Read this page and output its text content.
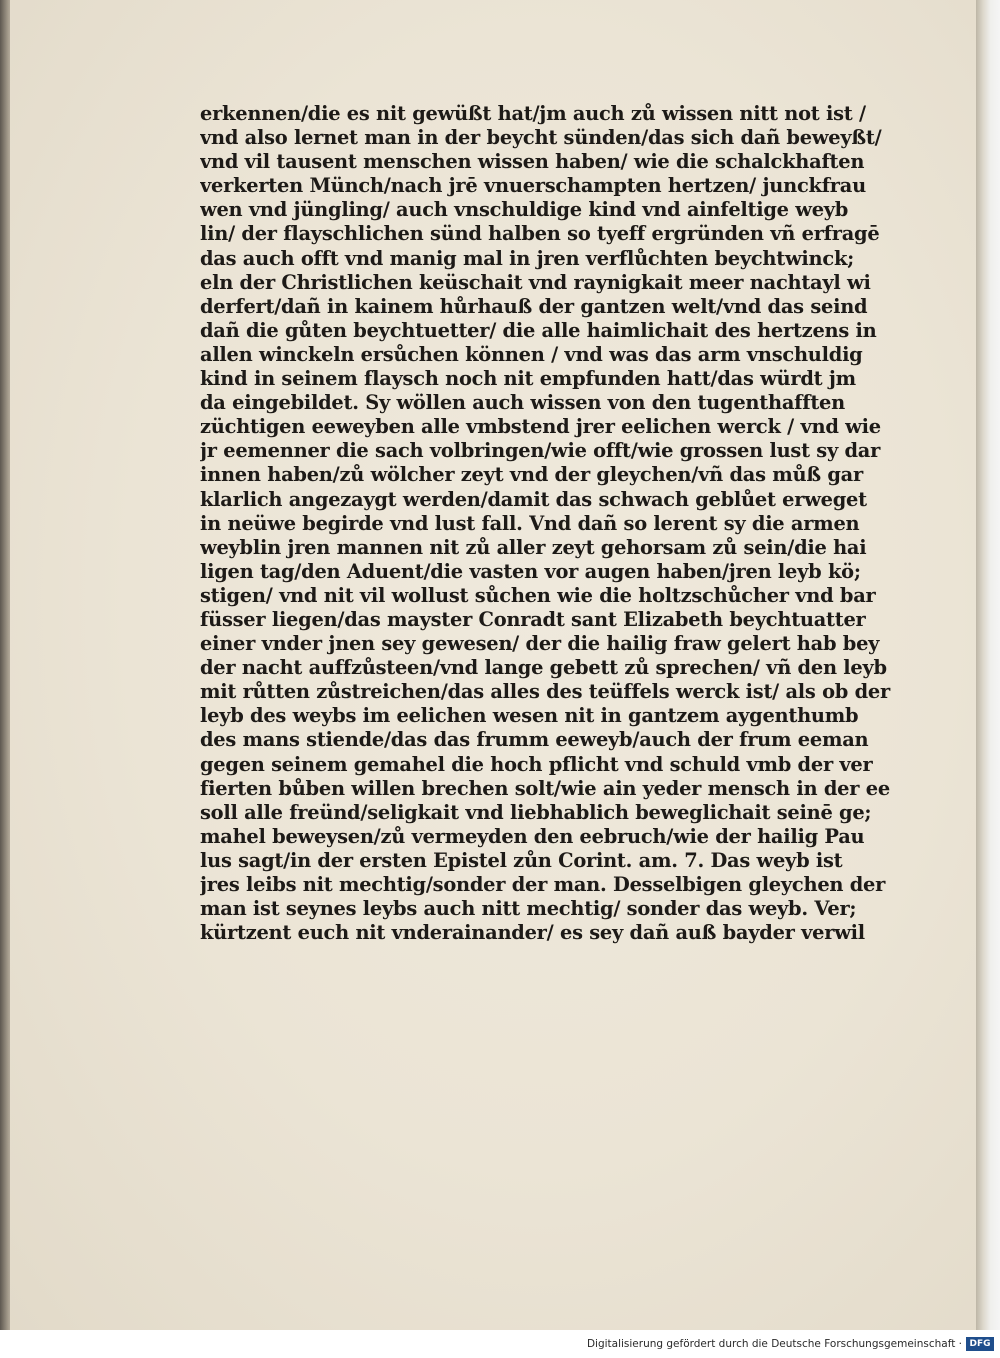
erkennen/die es nit gewüßt hat/jm auch zů wissen nitt not ist /
vnd also lernet man in der beycht sünden/das sich dañ beweyßt/
vnd vil tausent menschen wissen haben/ wie die schalckhaften
verkerten Münch/nach jrē vnuerschampten hertzen/ junckfrau
wen vnd jüngling/ auch vnschuldige kind vnd ainfeltige weyb
lin/ der flayschlichen sünd halben so tyeff ergründen vñ erfragē
das auch offt vnd manig mal in jren verflůchten beychtwinck;
eln der Christlichen keüschait vnd raynigkait meer nachtayl wi
derfert/dañ in kainem hůrhauß der gantzen welt/vnd das seind
dañ die gůten beychtuetter/ die alle haimlichait des hertzens in
allen winckeln ersůchen können / vnd was das arm vnschuldig
kind in seinem flaysch noch nit empfunden hatt/das würdt jm
da eingebildet. Sy wöllen auch wissen von den tugenthafften
züchtigen eeweyben alle vmbstend jrer eelichen werck / vnd wie
jr eemenner die sach volbringen/wie offt/wie grossen lust sy dar
innen haben/zů wölcher zeyt vnd der gleychen/vñ das můß gar
klarlich angezaygt werden/damit das schwach geblůet erweget
in neüwe begirde vnd lust fall. Vnd dañ so lerent sy die armen
weyblin jren mannen nit zů aller zeyt gehorsam zů sein/die hai
ligen tag/den Aduent/die vasten vor augen haben/jren leyb kö;
stigen/ vnd nit vil wollust sůchen wie die holtzschůcher vnd bar
füsser liegen/das mayster Conradt sant Elizabeth beychtuatter
einer vnder jnen sey gewesen/ der die hailig fraw gelert hab bey
der nacht auffzůsteen/vnd lange gebett zů sprechen/ vñ den leyb
mit růtten zůstreichen/das alles des teüffels werck ist/ als ob der
leyb des weybs im eelichen wesen nit in gantzem aygenthumb
des mans stiende/das das frumm eeweyb/auch der frum eeman
gegen seinem gemahel die hoch pflicht vnd schuld vmb der ver
fierten bůben willen brechen solt/wie ain yeder mensch in der ee
soll alle freünd/seligkait vnd liebhablich beweglichait seinē ge;
mahel beweysen/zů vermeyden den eebruch/wie der hailig Pau
lus sagt/in der ersten Epistel zůn Corint. am. 7. Das weyb ist
jres leibs nit mechtig/sonder der man. Desselbigen gleychen der
man ist seynes leybs auch nitt mechtig/ sonder das weyb. Ver;
kürtzent euch nit vnderainander/ es sey dañ auß bayder verwil
Digitalisierung gefördert durch die Deutsche Forschungsgemeinschaft · DFG
